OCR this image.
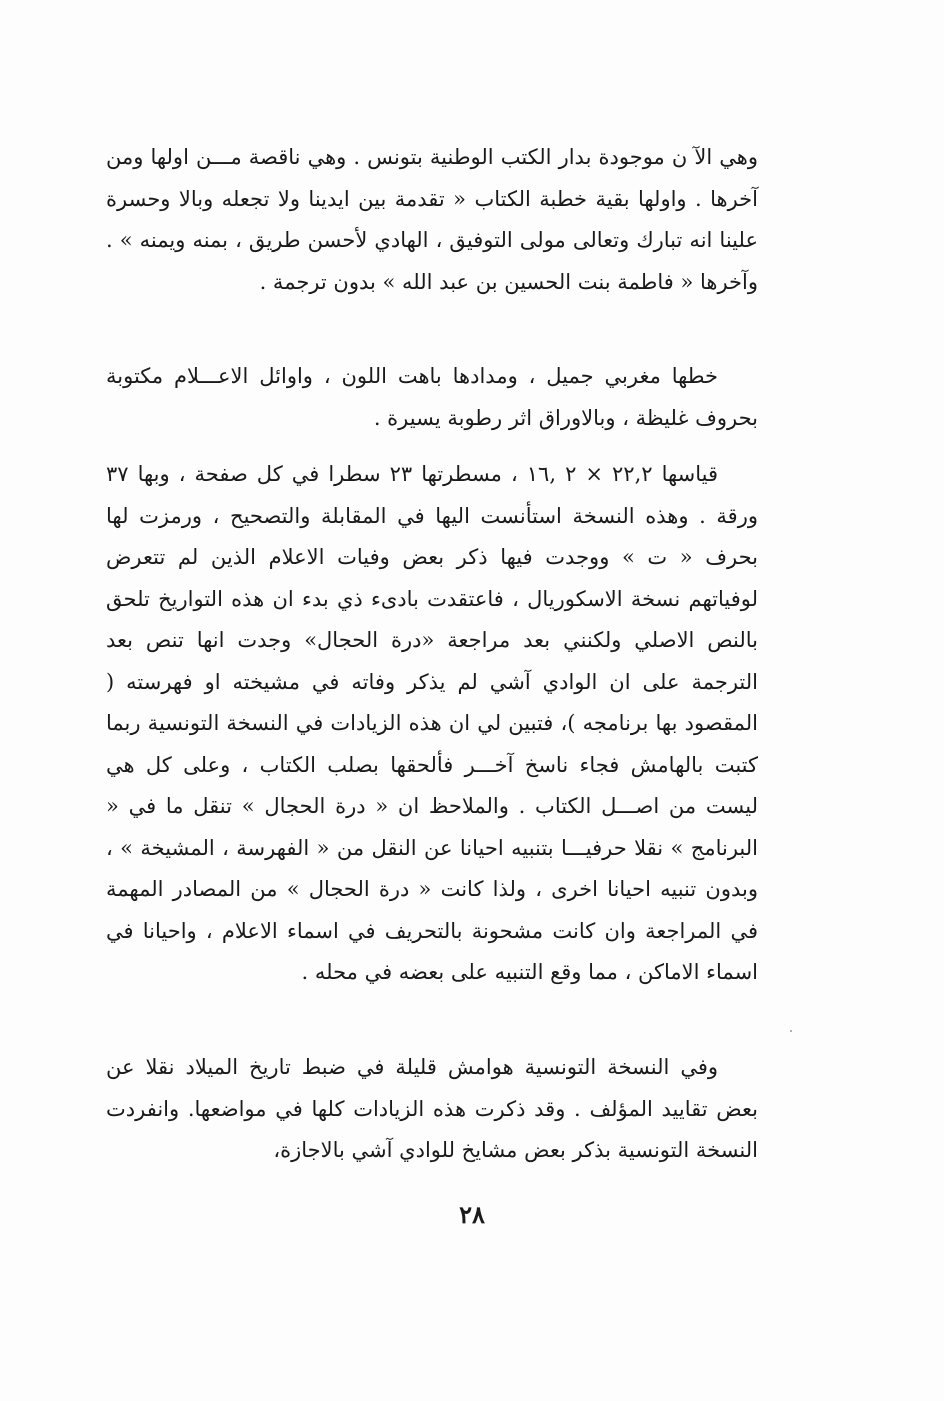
وهي الآ ن موجودة بدار الكتب الوطنية بتونس . وهي ناقصة مـــن اولها ومن آخرها . واولها بقية خطبة الكتاب « تقدمة بين ايدينا ولا تجعله وبالا وحسرة علينا انه تبارك وتعالى مولى التوفيق ، الهادي لأحسن طريق ، بمنه ويمنه » . وآخرها « فاطمة بنت الحسين بن عبد الله » بدون ترجمة .

خطها مغربي جميل ، ومدادها باهت اللون ، واوائل الاعـــلام مكتوبة بحروف غليظة ، وبالاوراق اثر رطوبة يسيرة .

قياسها ٢٢,٢ × ٢ ,١٦ ، مسطرتها ٢٣ سطرا في كل صفحة ، وبها ٣٧ ورقة . وهذه النسخة استأنست اليها في المقابلة والتصحيح ، ورمزت لها بحرف « ت » ووجدت فيها ذكر بعض وفيات الاعلام الذين لم تتعرض لوفياتهم نسخة الاسكوريال ، فاعتقدت بادىء ذي بدء ان هذه التواريخ تلحق بالنص الاصلي ولكنني بعد مراجعة «درة الحجال» وجدت انها تنص بعد الترجمة على ان الوادي آشي لم يذكر وفاته في مشيخته او فهرسته ( المقصود بها برنامجه )، فتبين لي ان هذه الزيادات في النسخة التونسية ربما كتبت بالهامش فجاء ناسخ آخـــر فألحقها بصلب الكتاب ، وعلى كل هي ليست من اصـــل الكتاب . والملاحظ ان « درة الحجال » تنقل ما في « البرنامج » نقلا حرفيـــا بتنبيه احيانا عن النقل من « الفهرسة ، المشيخة » ، وبدون تنبيه احيانا اخرى ، ولذا كانت « درة الحجال » من المصادر المهمة في المراجعة وان كانت مشحونة بالتحريف في اسماء الاعلام ، واحيانا في اسماء الاماكن ، مما وقع التنبيه على بعضه في محله .

وفي النسخة التونسية هوامش قليلة في ضبط تاريخ الميلاد نقلا عن بعض تقاييد المؤلف . وقد ذكرت هذه الزيادات كلها في مواضعها. وانفردت النسخة التونسية بذكر بعض مشايخ للوادي آشي بالاجازة،

٢٨
